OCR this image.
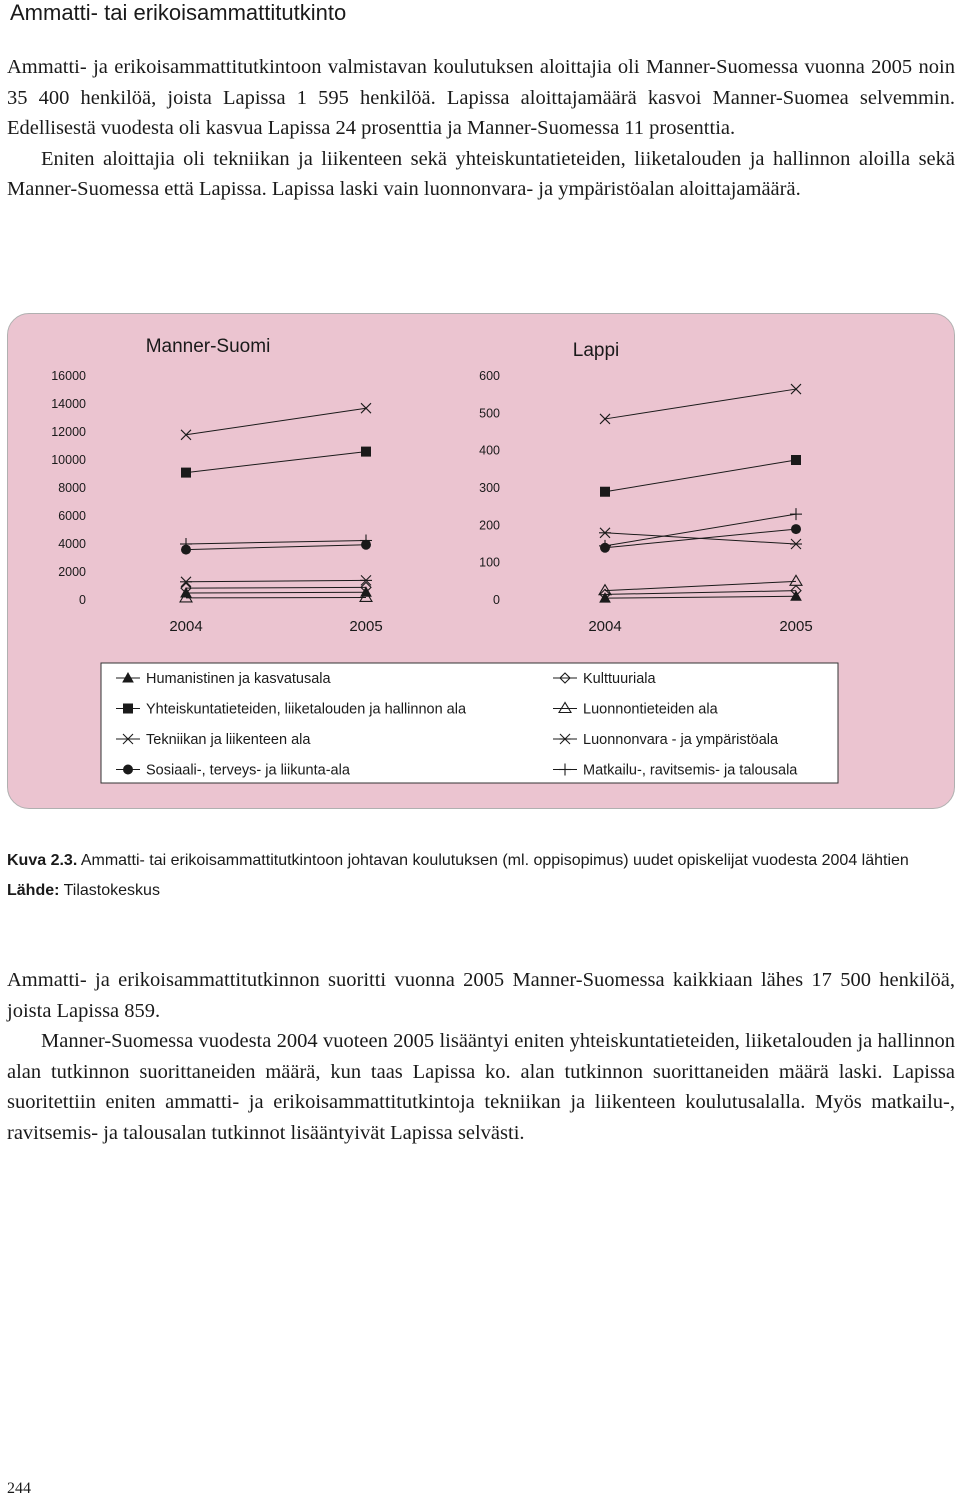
Ammatti- tai erikoisammattitutkinto

Ammatti- ja erikoisammattitutkintoon valmistavan koulutuksen aloittajia oli Manner-Suomessa vuonna 2005 noin 35 400 henkilöä, joista Lapissa 1 595 henkilöä. Lapissa aloittajamäärä kasvoi Manner-Suomea selvemmin. Edellisestä vuodesta oli kasvua Lapissa 24 prosenttia ja Manner-Suomessa 11 prosenttia.

Eniten aloittajia oli tekniikan ja liikenteen sekä yhteiskuntatieteiden, liiketalouden ja hallinnon aloilla sekä Manner-Suomessa että Lapissa. Lapissa laski vain luonnonvara- ja ympäristöalan aloittajamäärä.

Manner-Suomi
0
2000
4000
6000
8000
10000
12000
14000
16000
2004	2005
Lappi
0
100
200
300
400
500
600
2004	2005
Humanistinen ja kasvatusala
Yhteiskuntatieteiden, liiketalouden ja hallinnon ala
Tekniikan ja liikenteen ala
Sosiaali-, terveys- ja liikunta-ala
Kulttuuriala
Luonnontieteiden ala
Luonnonvara - ja ympäristöala
Matkailu-, ravitsemis- ja talousala

Kuva 2.3. Ammatti- tai erikoisammattitutkintoon johtavan koulutuksen (ml. oppisopimus) uudet opiskelijat vuodesta 2004 lähtien

Lähde: Tilastokeskus

Ammatti- ja erikoisammattitutkinnon suoritti vuonna 2005 Manner-Suomessa kaikkiaan lähes 17 500 henkilöä, joista Lapissa 859.

Manner-Suomessa vuodesta 2004 vuoteen 2005 lisääntyi eniten yhteiskuntatieteiden, liiketalouden ja hallinnon alan tutkinnon suorittaneiden määrä, kun taas Lapissa ko. alan tutkinnon suorittaneiden määrä laski. Lapissa suoritettiin eniten ammatti- ja erikoisammattitutkintoja tekniikan ja liikenteen koulutusalalla. Myös matkailu-, ravitsemis- ja talousalan tutkinnot lisääntyivät Lapissa selvästi.

244
